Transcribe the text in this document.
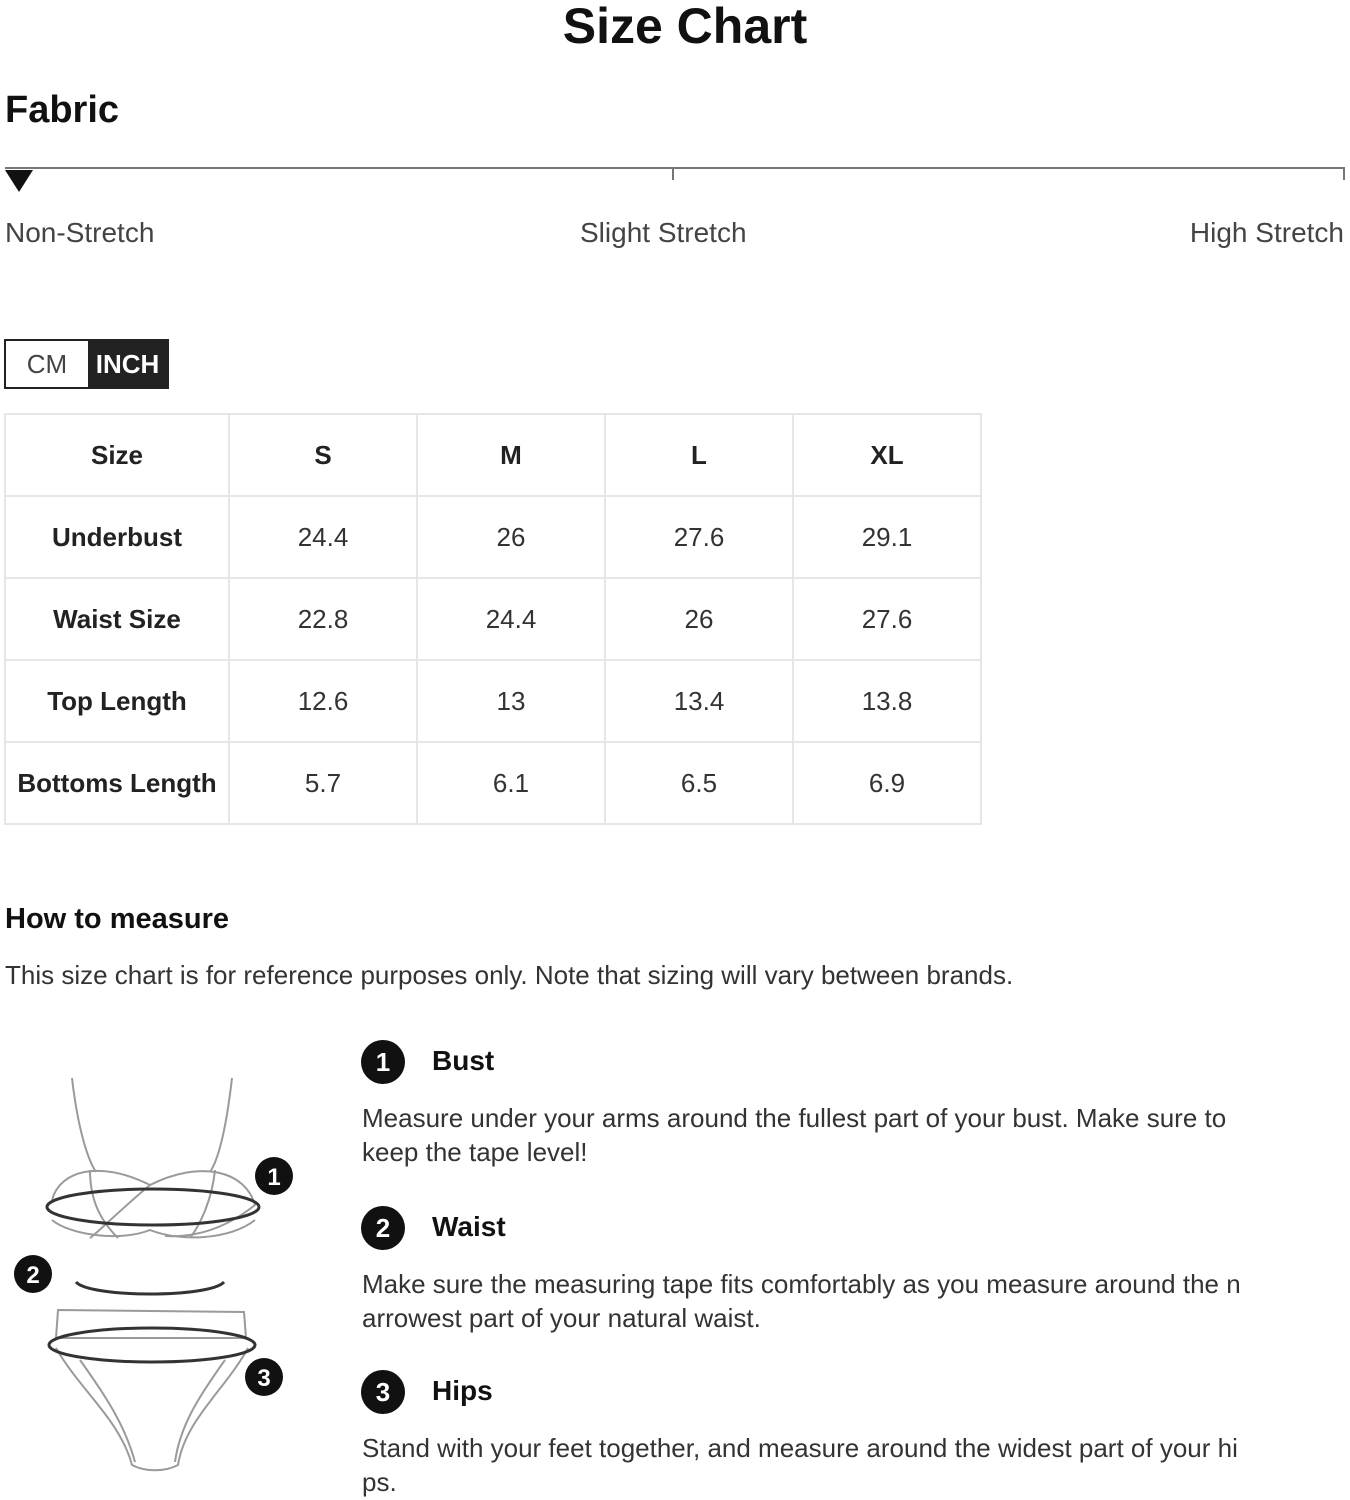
Size Chart
Fabric
Non-Stretch	Slight Stretch	High Stretch
CM	INCH
Size	S	M	L	XL
Underbust	24.4	26	27.6	29.1
Waist Size	22.8	24.4	26	27.6
Top Length	12.6	13	13.4	13.8
Bottoms Length	5.7	6.1	6.5	6.9
How to measure
This size chart is for reference purposes only. Note that sizing will vary between brands.
1
2
3
1	Bust
Measure under your arms around the fullest part of your bust. Make sure to keep the tape level!
2	Waist
Make sure the measuring tape fits comfortably as you measure around the narrowest part of your natural waist.
3	Hips
Stand with your feet together, and measure around the widest part of your hips.
